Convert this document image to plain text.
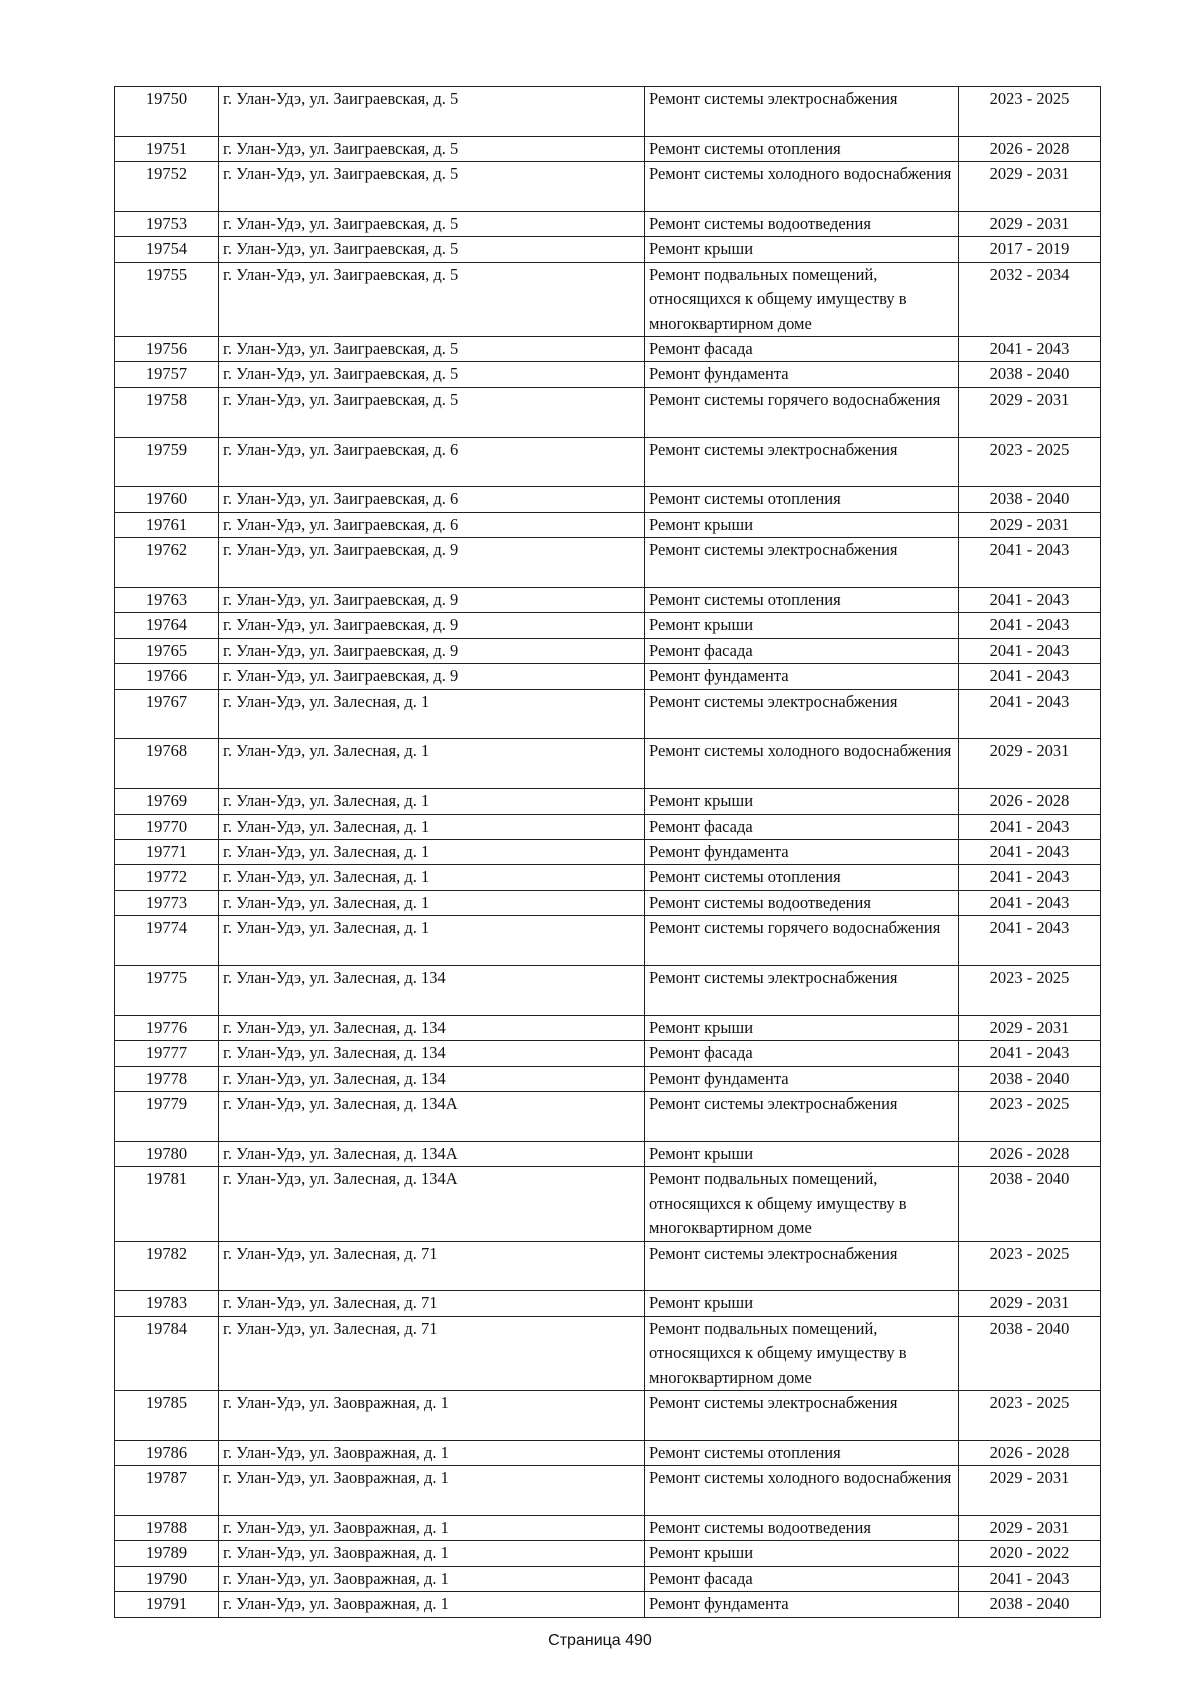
19750	г. Улан-Удэ, ул. Заиграевская, д. 5	Ремонт системы электроснабжения	2023 - 2025
19751	г. Улан-Удэ, ул. Заиграевская, д. 5	Ремонт системы отопления	2026 - 2028
19752	г. Улан-Удэ, ул. Заиграевская, д. 5	Ремонт системы холодного водоснабжения	2029 - 2031
19753	г. Улан-Удэ, ул. Заиграевская, д. 5	Ремонт системы водоотведения	2029 - 2031
19754	г. Улан-Удэ, ул. Заиграевская, д. 5	Ремонт крыши	2017 - 2019
19755	г. Улан-Удэ, ул. Заиграевская, д. 5	Ремонт подвальных помещений, относящихся к общему имуществу в многоквартирном доме	2032 - 2034
19756	г. Улан-Удэ, ул. Заиграевская, д. 5	Ремонт фасада	2041 - 2043
19757	г. Улан-Удэ, ул. Заиграевская, д. 5	Ремонт фундамента	2038 - 2040
19758	г. Улан-Удэ, ул. Заиграевская, д. 5	Ремонт системы горячего водоснабжения	2029 - 2031
19759	г. Улан-Удэ, ул. Заиграевская, д. 6	Ремонт системы электроснабжения	2023 - 2025
19760	г. Улан-Удэ, ул. Заиграевская, д. 6	Ремонт системы отопления	2038 - 2040
19761	г. Улан-Удэ, ул. Заиграевская, д. 6	Ремонт крыши	2029 - 2031
19762	г. Улан-Удэ, ул. Заиграевская, д. 9	Ремонт системы электроснабжения	2041 - 2043
19763	г. Улан-Удэ, ул. Заиграевская, д. 9	Ремонт системы отопления	2041 - 2043
19764	г. Улан-Удэ, ул. Заиграевская, д. 9	Ремонт крыши	2041 - 2043
19765	г. Улан-Удэ, ул. Заиграевская, д. 9	Ремонт фасада	2041 - 2043
19766	г. Улан-Удэ, ул. Заиграевская, д. 9	Ремонт фундамента	2041 - 2043
19767	г. Улан-Удэ, ул. Залесная, д. 1	Ремонт системы электроснабжения	2041 - 2043
19768	г. Улан-Удэ, ул. Залесная, д. 1	Ремонт системы холодного водоснабжения	2029 - 2031
19769	г. Улан-Удэ, ул. Залесная, д. 1	Ремонт крыши	2026 - 2028
19770	г. Улан-Удэ, ул. Залесная, д. 1	Ремонт фасада	2041 - 2043
19771	г. Улан-Удэ, ул. Залесная, д. 1	Ремонт фундамента	2041 - 2043
19772	г. Улан-Удэ, ул. Залесная, д. 1	Ремонт системы отопления	2041 - 2043
19773	г. Улан-Удэ, ул. Залесная, д. 1	Ремонт системы водоотведения	2041 - 2043
19774	г. Улан-Удэ, ул. Залесная, д. 1	Ремонт системы горячего водоснабжения	2041 - 2043
19775	г. Улан-Удэ, ул. Залесная, д. 134	Ремонт системы электроснабжения	2023 - 2025
19776	г. Улан-Удэ, ул. Залесная, д. 134	Ремонт крыши	2029 - 2031
19777	г. Улан-Удэ, ул. Залесная, д. 134	Ремонт фасада	2041 - 2043
19778	г. Улан-Удэ, ул. Залесная, д. 134	Ремонт фундамента	2038 - 2040
19779	г. Улан-Удэ, ул. Залесная, д. 134А	Ремонт системы электроснабжения	2023 - 2025
19780	г. Улан-Удэ, ул. Залесная, д. 134А	Ремонт крыши	2026 - 2028
19781	г. Улан-Удэ, ул. Залесная, д. 134А	Ремонт подвальных помещений, относящихся к общему имуществу в многоквартирном доме	2038 - 2040
19782	г. Улан-Удэ, ул. Залесная, д. 71	Ремонт системы электроснабжения	2023 - 2025
19783	г. Улан-Удэ, ул. Залесная, д. 71	Ремонт крыши	2029 - 2031
19784	г. Улан-Удэ, ул. Залесная, д. 71	Ремонт подвальных помещений, относящихся к общему имуществу в многоквартирном доме	2038 - 2040
19785	г. Улан-Удэ, ул. Заовражная, д. 1	Ремонт системы электроснабжения	2023 - 2025
19786	г. Улан-Удэ, ул. Заовражная, д. 1	Ремонт системы отопления	2026 - 2028
19787	г. Улан-Удэ, ул. Заовражная, д. 1	Ремонт системы холодного водоснабжения	2029 - 2031
19788	г. Улан-Удэ, ул. Заовражная, д. 1	Ремонт системы водоотведения	2029 - 2031
19789	г. Улан-Удэ, ул. Заовражная, д. 1	Ремонт крыши	2020 - 2022
19790	г. Улан-Удэ, ул. Заовражная, д. 1	Ремонт фасада	2041 - 2043
19791	г. Улан-Удэ, ул. Заовражная, д. 1	Ремонт фундамента	2038 - 2040
Страница 490
